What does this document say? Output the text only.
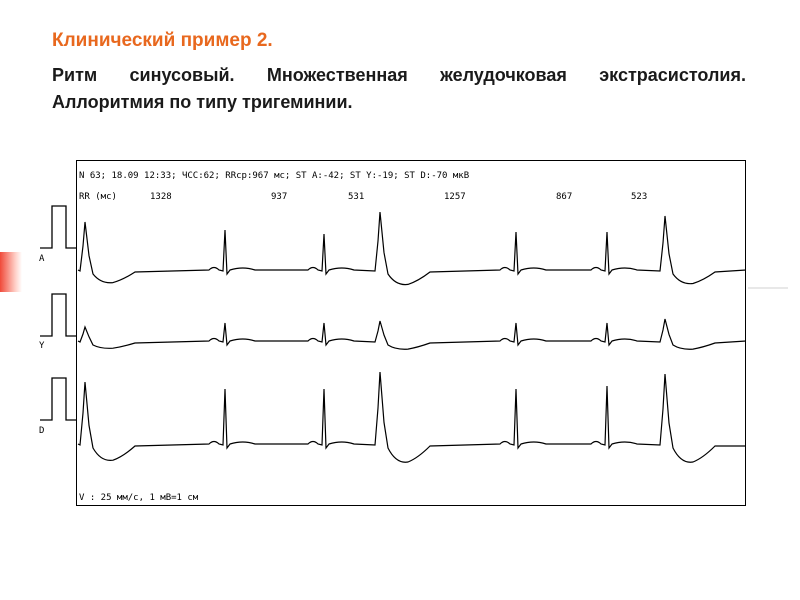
Клинический пример 2.

Ритм синусовый. Множественная желудочковая экстрасистолия. Аллоритмия по типу тригеминии.

N 63; 18.09 12:33; ЧСС:62; RRср:967 мс; ST A:-42; ST Y:-19; ST D:-70 мкВ
RR (мс)	1328	937	531	1257	867	523
A
Y
D
V : 25 мм/с, 1 мВ=1 см
